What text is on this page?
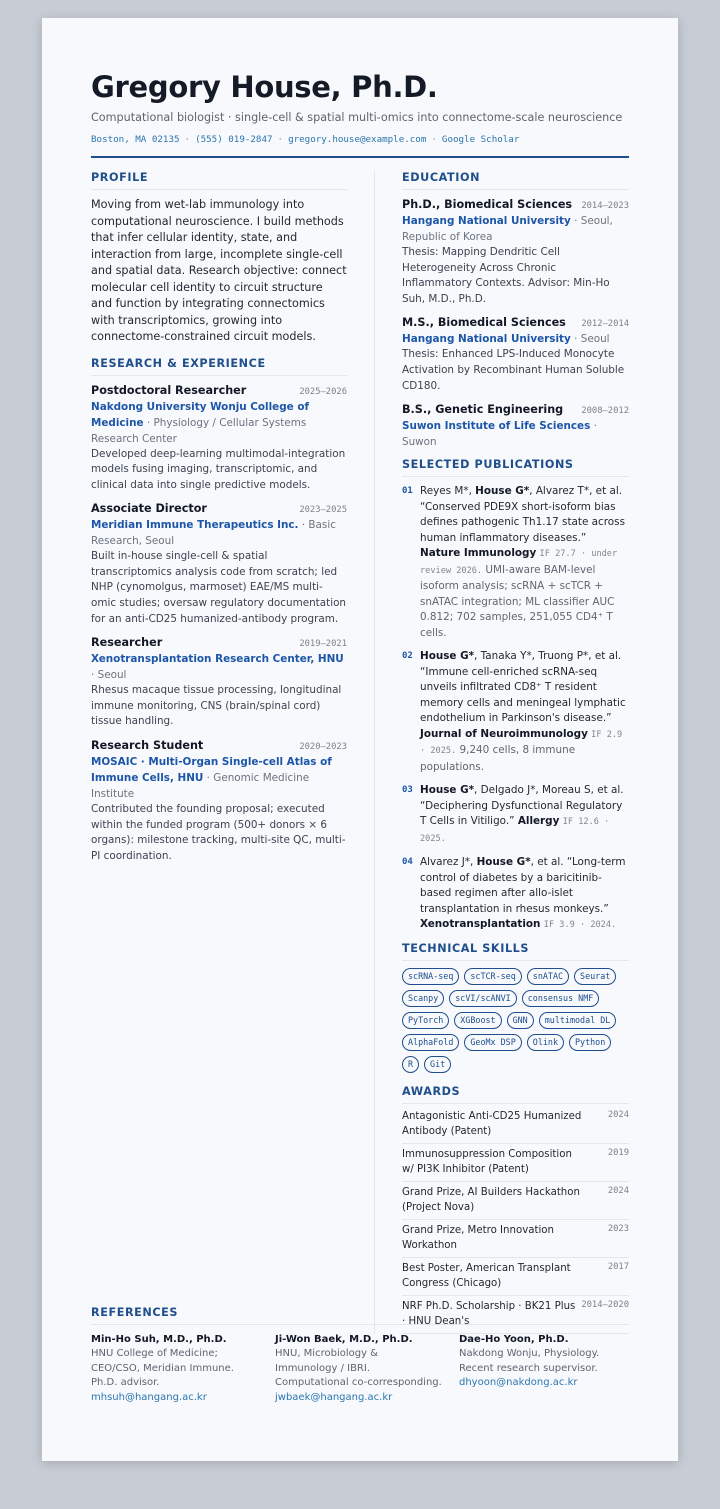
Gregory House, Ph.D.
Computational biologist · single-cell & spatial multi-omics into connectome-scale neuroscience
Boston, MA 02135 · (555) 019-2847 · gregory.house@example.com · Google Scholar
PROFILE
Moving from wet-lab immunology into computational neuroscience. I build methods that infer cellular identity, state, and interaction from large, incomplete single-cell and spatial data. Research objective: connect molecular cell identity to circuit structure and function by integrating connectomics with transcriptomics, growing into connectome-constrained circuit models.
RESEARCH & EXPERIENCE
Postdoctoral Researcher	2025–2026
Nakdong University Wonju College of Medicine · Physiology / Cellular Systems Research Center
Developed deep-learning multimodal-integration models fusing imaging, transcriptomic, and clinical data into single predictive models.
Associate Director	2023–2025
Meridian Immune Therapeutics Inc. · Basic Research, Seoul
Built in-house single-cell & spatial transcriptomics analysis code from scratch; led NHP (cynomolgus, marmoset) EAE/MS multi-omic studies; oversaw regulatory documentation for an anti-CD25 humanized-antibody program.
Researcher	2019–2021
Xenotransplantation Research Center, HNU · Seoul
Rhesus macaque tissue processing, longitudinal immune monitoring, CNS (brain/spinal cord) tissue handling.
Research Student	2020–2023
MOSAIC · Multi-Organ Single-cell Atlas of Immune Cells, HNU · Genomic Medicine Institute
Contributed the founding proposal; executed within the funded program (500+ donors × 6 organs): milestone tracking, multi-site QC, multi-PI coordination.
EDUCATION
Ph.D., Biomedical Sciences 2014–2023
Hangang National University · Seoul, Republic of Korea
Thesis: Mapping Dendritic Cell Heterogeneity Across Chronic Inflammatory Contexts. Advisor: Min-Ho Suh, M.D., Ph.D.
M.S., Biomedical Sciences 2012–2014
Hangang National University · Seoul
Thesis: Enhanced LPS-Induced Monocyte Activation by Recombinant Human Soluble CD180.
B.S., Genetic Engineering 2008–2012
Suwon Institute of Life Sciences · Suwon
SELECTED PUBLICATIONS
01 Reyes M*, House G*, Alvarez T*, et al. “Conserved PDE9X short-isoform bias defines pathogenic Th1.17 state across human inflammatory diseases.” Nature Immunology IF 27.7 · under review 2026. UMI-aware BAM-level isoform analysis; scRNA + scTCR + snATAC integration; ML classifier AUC 0.812; 702 samples, 251,055 CD4⁺ T cells.
02 House G*, Tanaka Y*, Truong P*, et al. “Immune cell-enriched scRNA-seq unveils infiltrated CD8⁺ T resident memory cells and meningeal lymphatic endothelium in Parkinson's disease.” Journal of Neuroimmunology IF 2.9 · 2025. 9,240 cells, 8 immune populations.
03 House G*, Delgado J*, Moreau S, et al. “Deciphering Dysfunctional Regulatory T Cells in Vitiligo.” Allergy IF 12.6 · 2025.
04 Alvarez J*, House G*, et al. “Long-term control of diabetes by a baricitinib-based regimen after allo-islet transplantation in rhesus monkeys.” Xenotransplantation IF 3.9 · 2024.
TECHNICAL SKILLS
scRNA-seq	scTCR-seq	snATAC	Seurat
Scanpy	scVI/scANVI	consensus NMF
PyTorch	XGBoost	GNN	multimodal DL
AlphaFold	GeoMx DSP	Olink	Python
R	Git
AWARDS
Antagonistic Anti-CD25 Humanized Antibody (Patent)
2024
Immunosuppression Composition w/ PI3K Inhibitor (Patent)
2019
Grand Prize, AI Builders Hackathon (Project Nova)
2024
Grand Prize, Metro Innovation Workathon
2023
Best Poster, American Transplant Congress (Chicago)
2017
NRF Ph.D. Scholarship · BK21 Plus · HNU Dean's
2014–2020
REFERENCES
Min-Ho Suh, M.D., Ph.D.
HNU College of Medicine; CEO/CSO, Meridian Immune. Ph.D. advisor.
mhsuh@hangang.ac.kr
Ji-Won Baek, M.D., Ph.D.
HNU, Microbiology & Immunology / IBRI. Computational co-corresponding.
jwbaek@hangang.ac.kr
Dae-Ho Yoon, Ph.D.
Nakdong Wonju, Physiology. Recent research supervisor.
dhyoon@nakdong.ac.kr
